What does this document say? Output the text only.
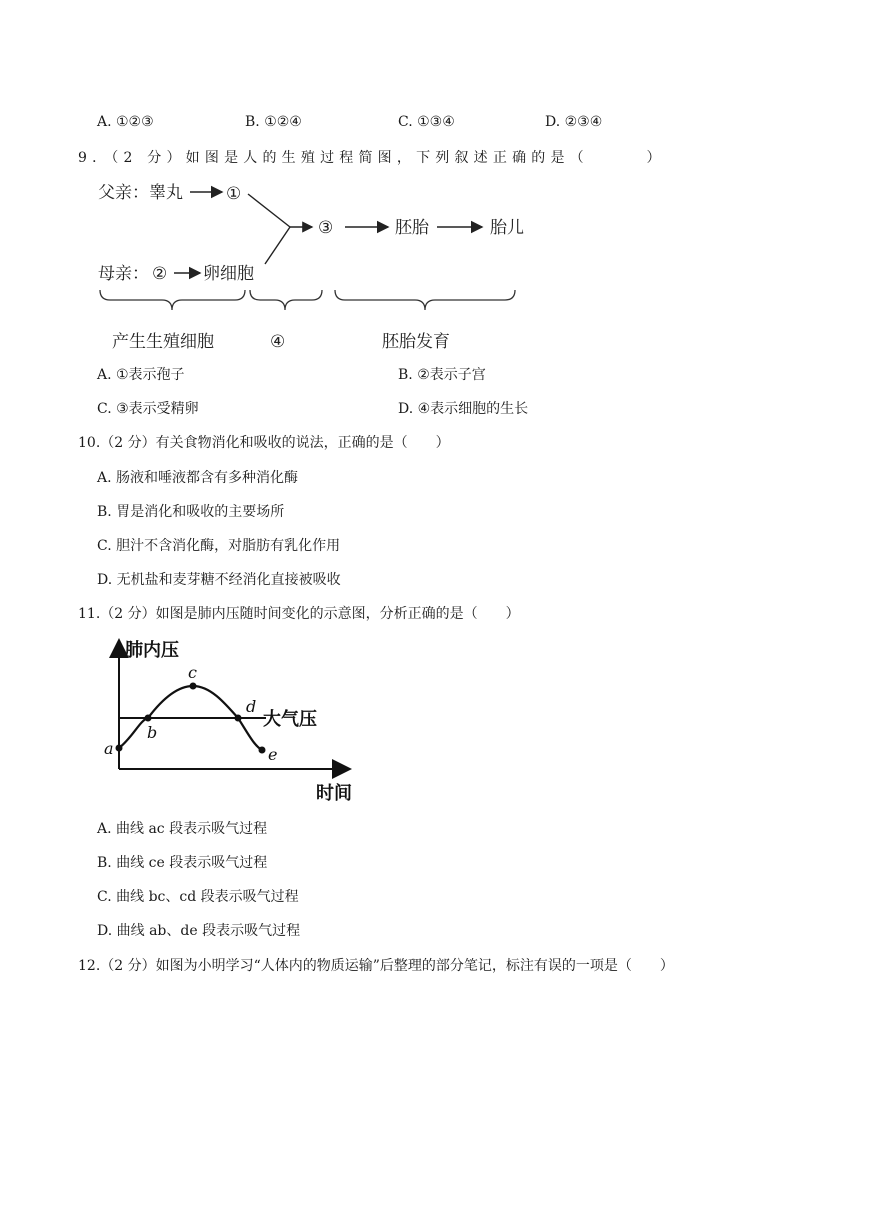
A. ①②③	B. ①②④	C. ①③④	D. ②③④
9．（2 分）如图是人的生殖过程简图，下列叙述正确的是（　　　）
父亲：睾丸	①
母亲： ② 卵细胞
③	胚胎	胎儿
产生生殖细胞	④	胚胎发育
A. ①表示孢子	B. ②表示子宫
C. ③表示受精卵	D. ④表示细胞的生长
10.（2 分）有关食物消化和吸收的说法，正确的是（　　）
A. 肠液和唾液都含有多种消化酶
B. 胃是消化和吸收的主要场所
C. 胆汁不含消化酶，对脂肪有乳化作用
D. 无机盐和麦芽糖不经消化直接被吸收
11.（2 分）如图是肺内压随时间变化的示意图，分析正确的是（　　）
肺内压
时间
大气压
a
b
c
d
e
A. 曲线 ac 段表示吸气过程
B. 曲线 ce 段表示吸气过程
C. 曲线 bc、cd 段表示吸气过程
D. 曲线 ab、de 段表示吸气过程
12.（2 分）如图为小明学习“人体内的物质运输”后整理的部分笔记，标注有误的一项是（　　）
